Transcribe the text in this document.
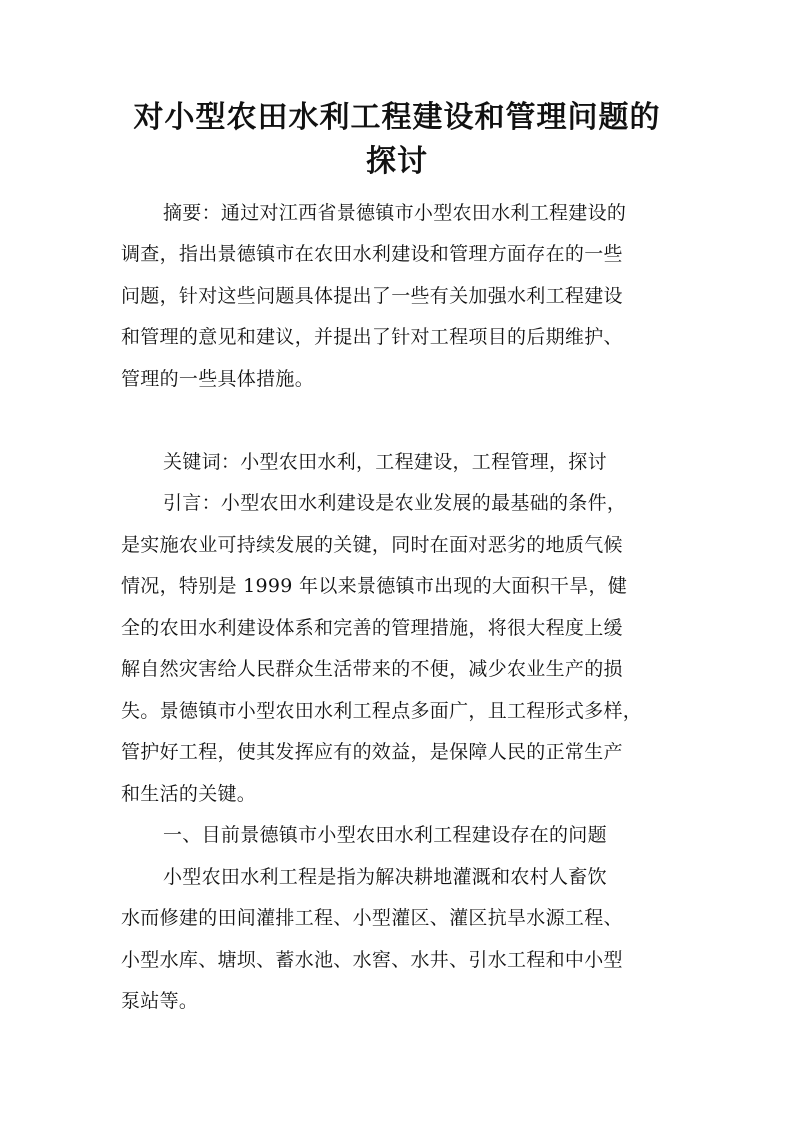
对小型农田水利工程建设和管理问题的
探讨
摘要：通过对江西省景德镇市小型农田水利工程建设的
调查，指出景德镇市在农田水利建设和管理方面存在的一些
问题，针对这些问题具体提出了一些有关加强水利工程建设
和管理的意见和建议，并提出了针对工程项目的后期维护、
管理的一些具体措施。
关键词：小型农田水利，工程建设，工程管理，探讨
引言：小型农田水利建设是农业发展的最基础的条件，
是实施农业可持续发展的关键，同时在面对恶劣的地质气候
情况，特别是 1999 年以来景德镇市出现的大面积干旱，健
全的农田水利建设体系和完善的管理措施，将很大程度上缓
解自然灾害给人民群众生活带来的不便，减少农业生产的损
失。景德镇市小型农田水利工程点多面广，且工程形式多样，
管护好工程，使其发挥应有的效益，是保障人民的正常生产
和生活的关键。
一、目前景德镇市小型农田水利工程建设存在的问题
小型农田水利工程是指为解决耕地灌溉和农村人畜饮
水而修建的田间灌排工程、小型灌区、灌区抗旱水源工程、
小型水库、塘坝、蓄水池、水窖、水井、引水工程和中小型
泵站等。
